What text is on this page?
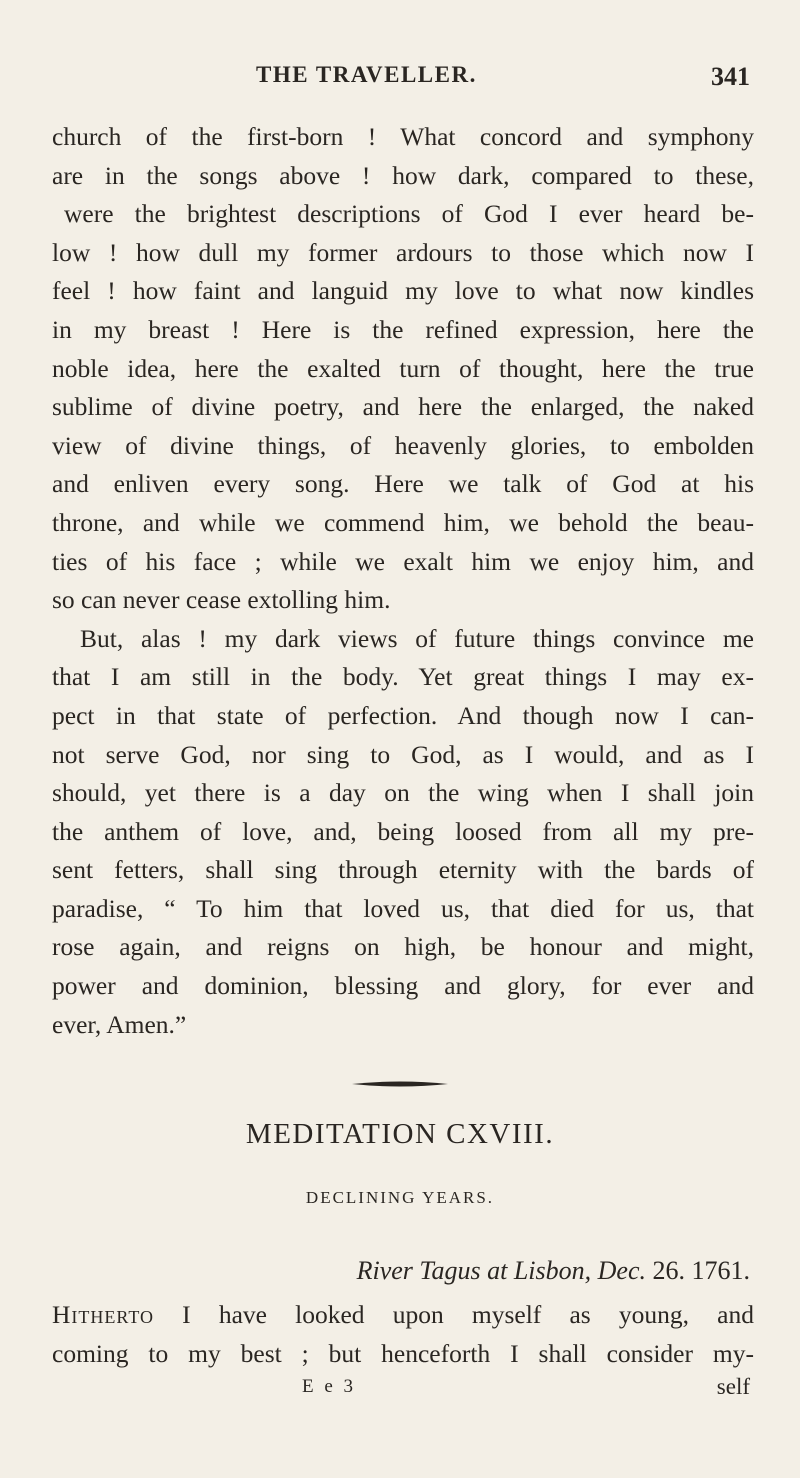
THE TRAVELLER.	341
church of the first-born ! What concord and symphony
are in the songs above ! how dark, compared to these,
were the brightest descriptions of God I ever heard be-
low ! how dull my former ardours to those which now I
feel ! how faint and languid my love to what now kindles
in my breast ! Here is the refined expression, here the
noble idea, here the exalted turn of thought, here the true
sublime of divine poetry, and here the enlarged, the naked
view of divine things, of heavenly glories, to embolden
and enliven every song. Here we talk of God at his
throne, and while we commend him, we behold the beau-
ties of his face ; while we exalt him we enjoy him, and
so can never cease extolling him.
But, alas ! my dark views of future things convince me
that I am still in the body. Yet great things I may ex-
pect in that state of perfection. And though now I can-
not serve God, nor sing to God, as I would, and as I
should, yet there is a day on the wing when I shall join
the anthem of love, and, being loosed from all my pre-
sent fetters, shall sing through eternity with the bards of
paradise, “ To him that loved us, that died for us, that
rose again, and reigns on high, be honour and might,
power and dominion, blessing and glory, for ever and
ever, Amen.”
MEDITATION CXVIII.
DECLINING YEARS.
River Tagus at Lisbon, Dec. 26. 1761.
Hitherto I have looked upon myself as young, and
coming to my best ; but henceforth I shall consider my-
E e 3	self
